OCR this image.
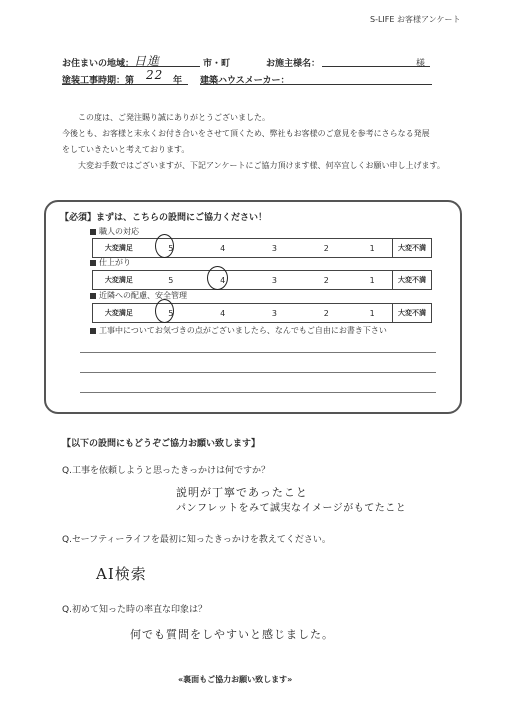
S-LIFE お客様アンケート
お住まいの地域： 日進	市・町	お施主様名：	様
塗装工事時期：第 22 年 建築ハウスメーカー：
この度は、ご発注賜り誠にありがとうございました。
今後とも、お客様と末永くお付き合いをさせて頂くため、弊社もお客様のご意見を参考にさらなる発展
をしていきたいと考えております。
大変お手数ではございますが、下記アンケートにご協力頂けます様、何卒宜しくお願い申し上げます。
【必須】まずは、こちらの設問にご協力ください！
職人の対応
大変満足	5	4	3	2	1	大変不満
仕上がり
大変満足	5	4	3	2	1	大変不満
近隣への配慮、安全管理
大変満足	5	4	3	2	1	大変不満
工事中についてお気づきの点がございましたら、なんでもご自由にお書き下さい
【以下の設問にもどうぞご協力お願い致します】
Q.工事を依頼しようと思ったきっかけは何ですか？
説明が丁寧であったこと
パンフレットをみて誠実なイメージがもてたこと
Q.セーフティーライフを最初に知ったきっかけを教えてください。
AI検索
Q.初めて知った時の率直な印象は？
何でも質問をしやすいと感じました。
«裏面もご協力お願い致します»
